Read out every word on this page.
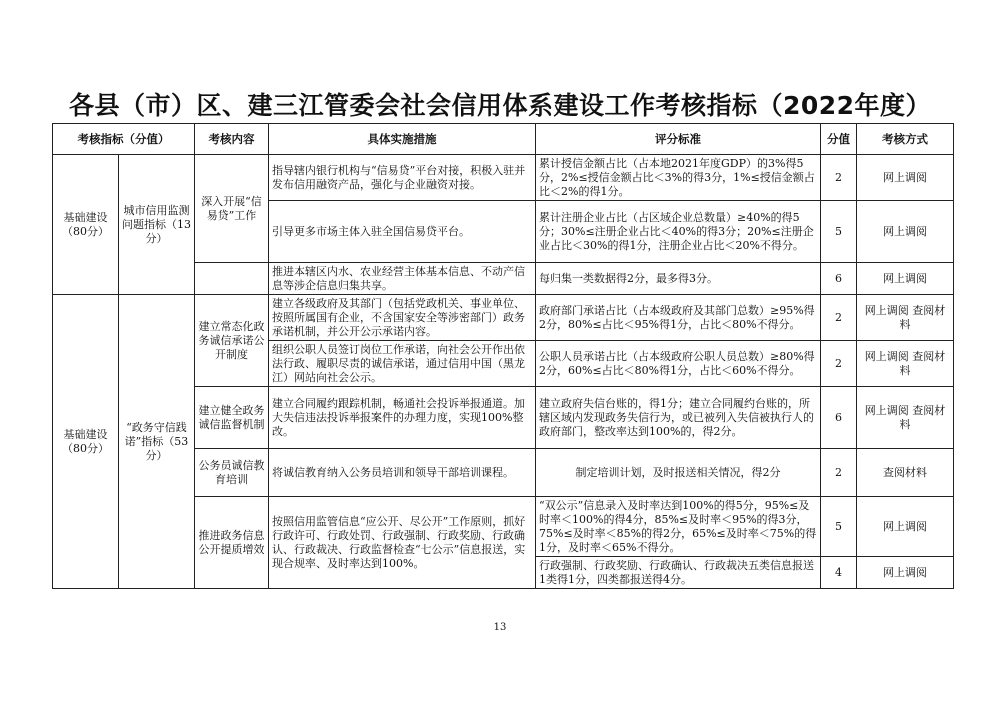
各县（市）区、建三江管委会社会信用体系建设工作考核指标（2022年度）
考核指标（分值）		考核内容	具体实施措施	评分标准	分值	考核方式
基础建设（80分）	城市信用监测问题指标（13分）	深入开展“信易贷”工作	指导辖内银行机构与“信易贷”平台对接，积极入驻并发布信用融资产品，强化与企业融资对接。	累计授信金额占比（占本地2021年度GDP）的3%得5分，2%≤授信金额占比＜3%的得3分，1%≤授信金额占比＜2%的得1分。	2	网上调阅
			引导更多市场主体入驻全国信易贷平台。	累计注册企业占比（占区域企业总数量）≥40%的得5分；30%≤注册企业占比＜40%的得3分；20%≤注册企业占比＜30%的得1分，注册企业占比＜20%不得分。	5	网上调阅
			推进本辖区内水、农业经营主体基本信息、不动产信息等涉企信息归集共享。	每归集一类数据得2分，最多得3分。	6	网上调阅
基础建设（80分）	“政务守信践诺”指标（53分）	建立常态化政务诚信承诺公开制度	建立各级政府及其部门（包括党政机关、事业单位、按照所属国有企业，不含国家安全等涉密部门）政务承诺机制，并公开公示承诺内容。	政府部门承诺占比（占本级政府及其部门总数）≥95%得2分，80%≤占比＜95%得1分，占比＜80%不得分。	2	网上调阅 查阅材料
			组织公职人员签订岗位工作承诺，向社会公开作出依法行政、履职尽责的诚信承诺，通过信用中国（黑龙江）网站向社会公示。	公职人员承诺占比（占本级政府公职人员总数）≥80%得2分，60%≤占比＜80%得1分，占比＜60%不得分。	2	网上调阅 查阅材料
		建立健全政务诚信监督机制	建立合同履约跟踪机制，畅通社会投诉举报通道。加大失信违法投诉举报案件的办理力度，实现100%整改。	建立政府失信台账的，得1分；建立合同履约台账的，所辖区域内发现政务失信行为，或已被列入失信被执行人的政府部门，整改率达到100%的，得2分。	6	网上调阅 查阅材料
		公务员诚信教育培训	将诚信教育纳入公务员培训和领导干部培训课程。	制定培训计划，及时报送相关情况，得2分	2	查阅材料
		推进政务信息公开提质增效	按照信用监管信息“应公开、尽公开”工作原则，抓好行政许可、行政处罚、行政强制、行政奖励、行政确认、行政裁决、行政监督检查“七公示”信息报送，实现合规率、及时率达到100%。	“双公示”信息录入及时率达到100%的得5分，95%≤及时率＜100%的得4分，85%≤及时率＜95%的得3分，75%≤及时率＜85%的得2分，65%≤及时率＜75%的得1分，及时率＜65%不得分。	5	网上调阅
				行政强制、行政奖励、行政确认、行政裁决五类信息报送1类得1分，四类都报送得4分。	4	网上调阅
13
